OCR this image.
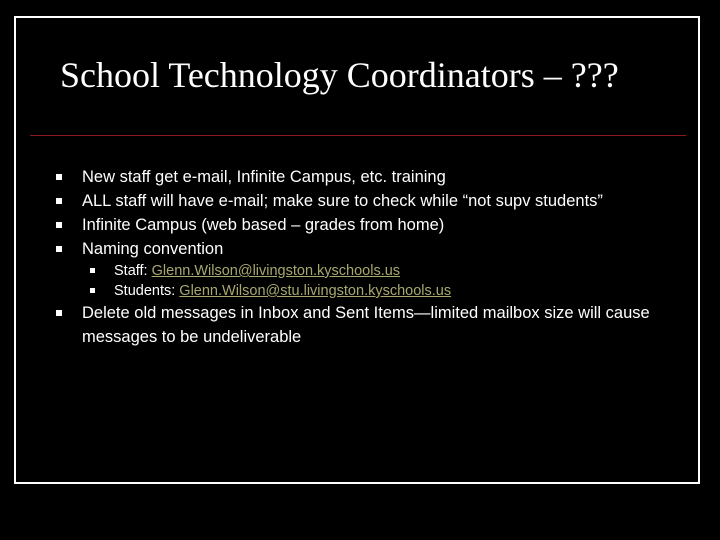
School Technology Coordinators – ???
New staff get e-mail, Infinite Campus, etc. training
ALL staff will have e-mail; make sure to check while “not supv students”
Infinite Campus (web based – grades from home)
Naming convention
Staff: Glenn.Wilson@livingston.kyschools.us
Students: Glenn.Wilson@stu.livingston.kyschools.us
Delete old messages in Inbox and Sent Items—limited mailbox size will cause messages to be undeliverable
